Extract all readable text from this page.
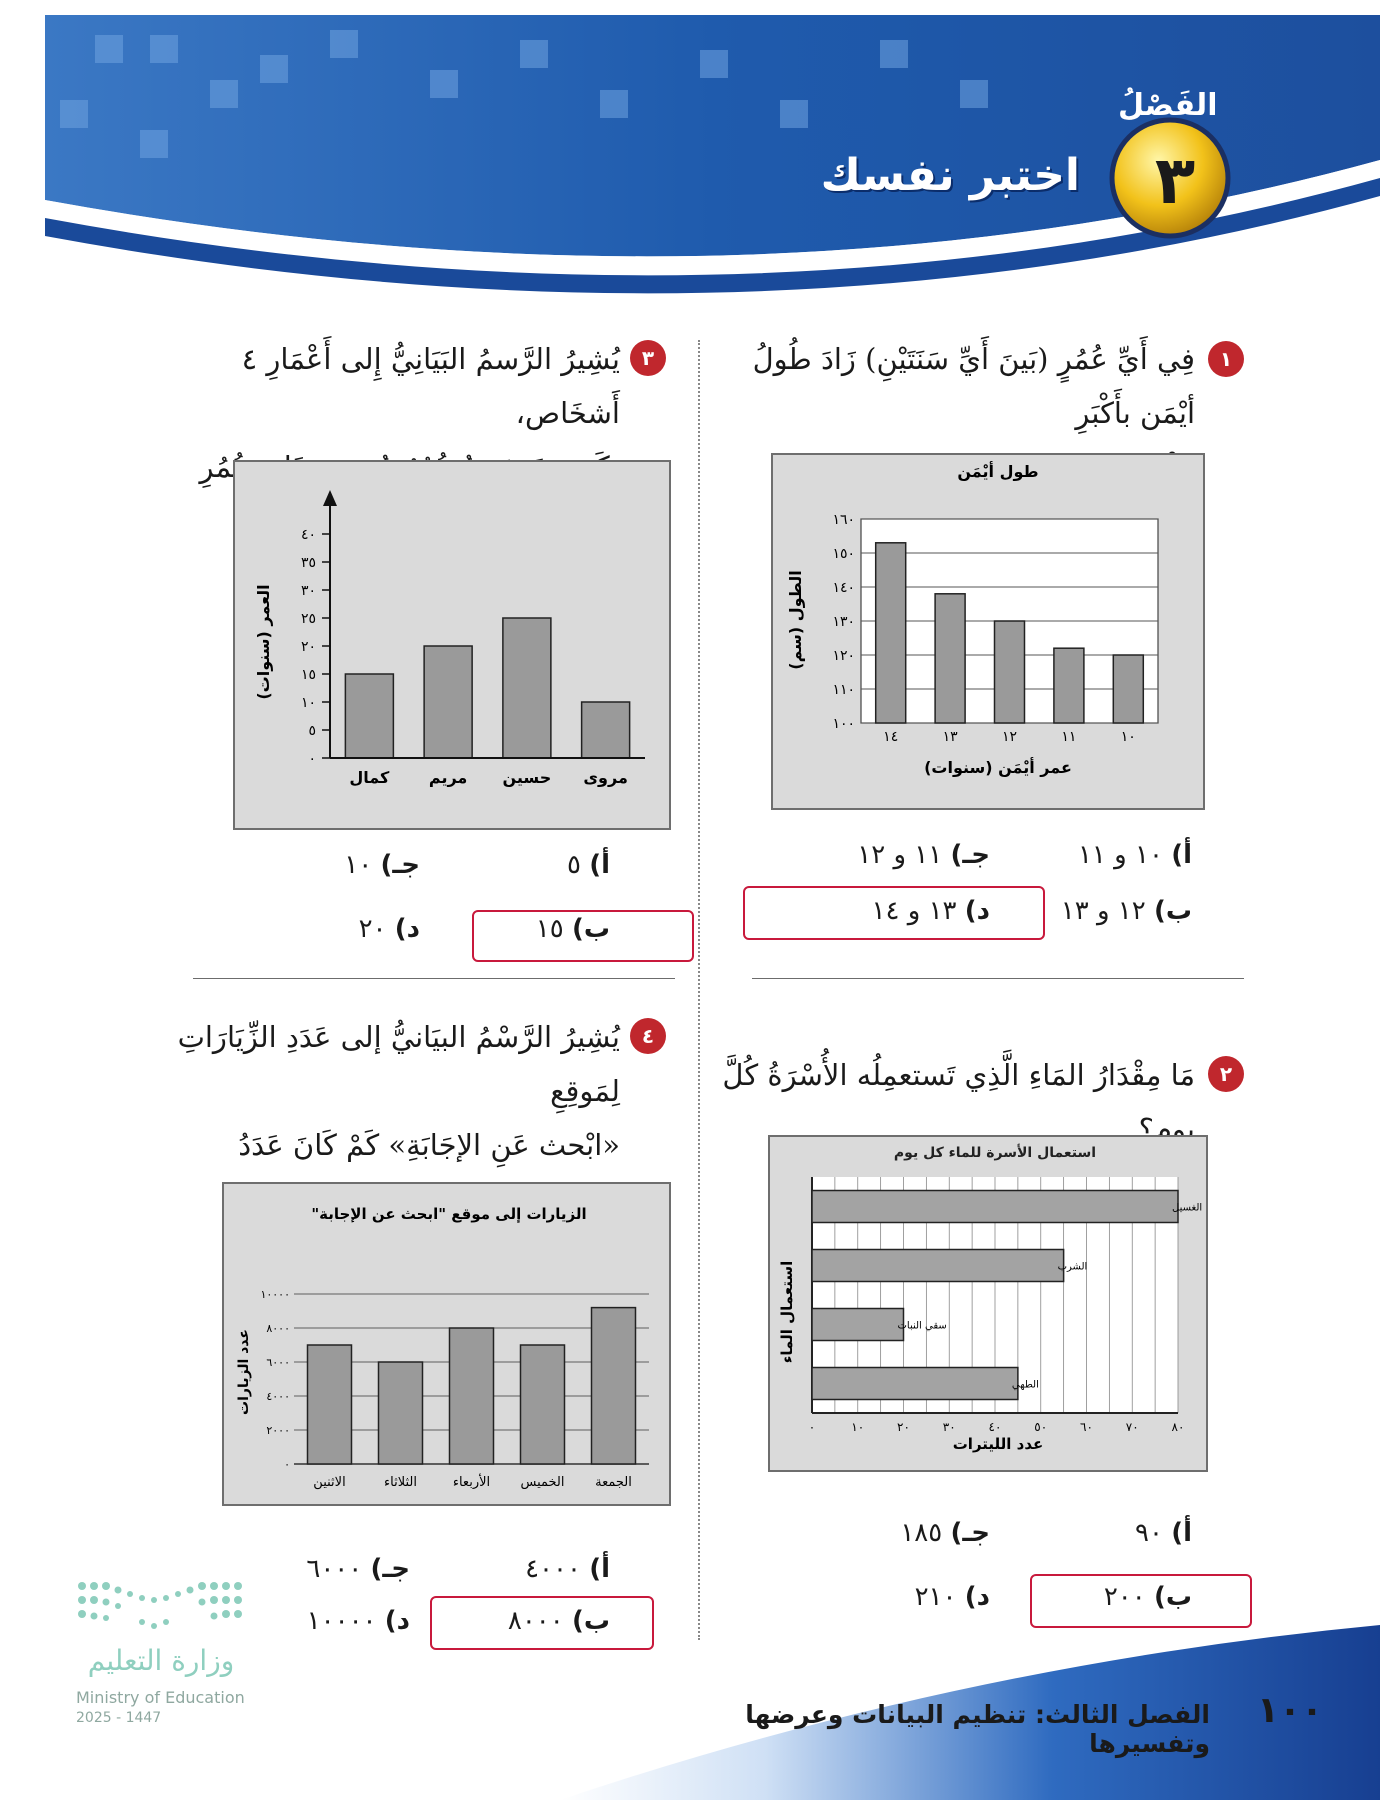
الفَصْلُ
٣
اختبر نفسك
١
فِي أَيِّ عُمُرٍ (بَينَ أَيِّ سَنَتَيْنِ) زَادَ طُولُ أيْمَن بأَكْبَرِ
مِقْدَارٍ؟
طول أيْمَن
الطول (سم)
عمر أيْمَن (سنوات)
١٠٠
١١٠
١٢٠
١٣٠
١٤٠
١٥٠
١٦٠
١٠
١١
١٢
١٣
١٤
أ) ١٠ و ١١
جـ) ١١ و ١٢
ب) ١٢ و ١٣
د) ١٣ و ١٤
٢
مَا مِقْدَارُ المَاءِ الَّذِي تَستعمِلُه الأُسْرَةُ كُلَّ يوم؟
استعمال الأسرة للماء كل يوم
استعمال الماء
عدد الليترات
الغسيل
الشرب
سقي النبات
الطهي
٠	١٠	٢٠	٣٠	٤٠	٥٠	٦٠	٧٠	٨٠
أ) ٩٠
جـ) ١٨٥
ب) ٢٠٠
د) ٢١٠
٣
يُشِيرُ الرَّسمُ البَيَانِيُّ إِلى أَعْمَارِ ٤ أَشخَاص،
بِكَم سَنَةٍ يَزِيدُ عُمُرُ حُسَينٍ عَلى عُمُرِ مَرْوَى؟
العمر (سنوات)
٠
٥
١٠
١٥
٢٠
٢٥
٣٠
٣٥
٤٠
كمال مريم حسين مروى
أ) ٥
جـ) ١٠
ب) ١٥
د) ٢٠
٤
يُشِيرُ الرَّسْمُ البيَانيُّ إلى عَدَدِ الزِّيَارَاتِ لِمَوقِعِ
«ابْحث عَنِ الإجَابَةِ» كَمْ كَانَ عَدَدُ الزِّيَارَاتِ
يَوْمَ الأَرْبعَاءِ؟
الزيارات إلى موقع "ابحث عن الإجابة"
عدد الزيارات
٠
٢٠٠٠
٤٠٠٠
٦٠٠٠
٨٠٠٠
١٠٠٠٠
الاثنين	الثلاثاء	الأربعاء الخميس الجمعة
أ) ٤٠٠٠
جـ) ٦٠٠٠
ب) ٨٠٠٠
د) ١٠٠٠٠
وزارة التعليم
Ministry of Education
2025 - 1447	الفصل الثالث: تنظيم البيانات وعرضها وتفسيرها
١٠٠
